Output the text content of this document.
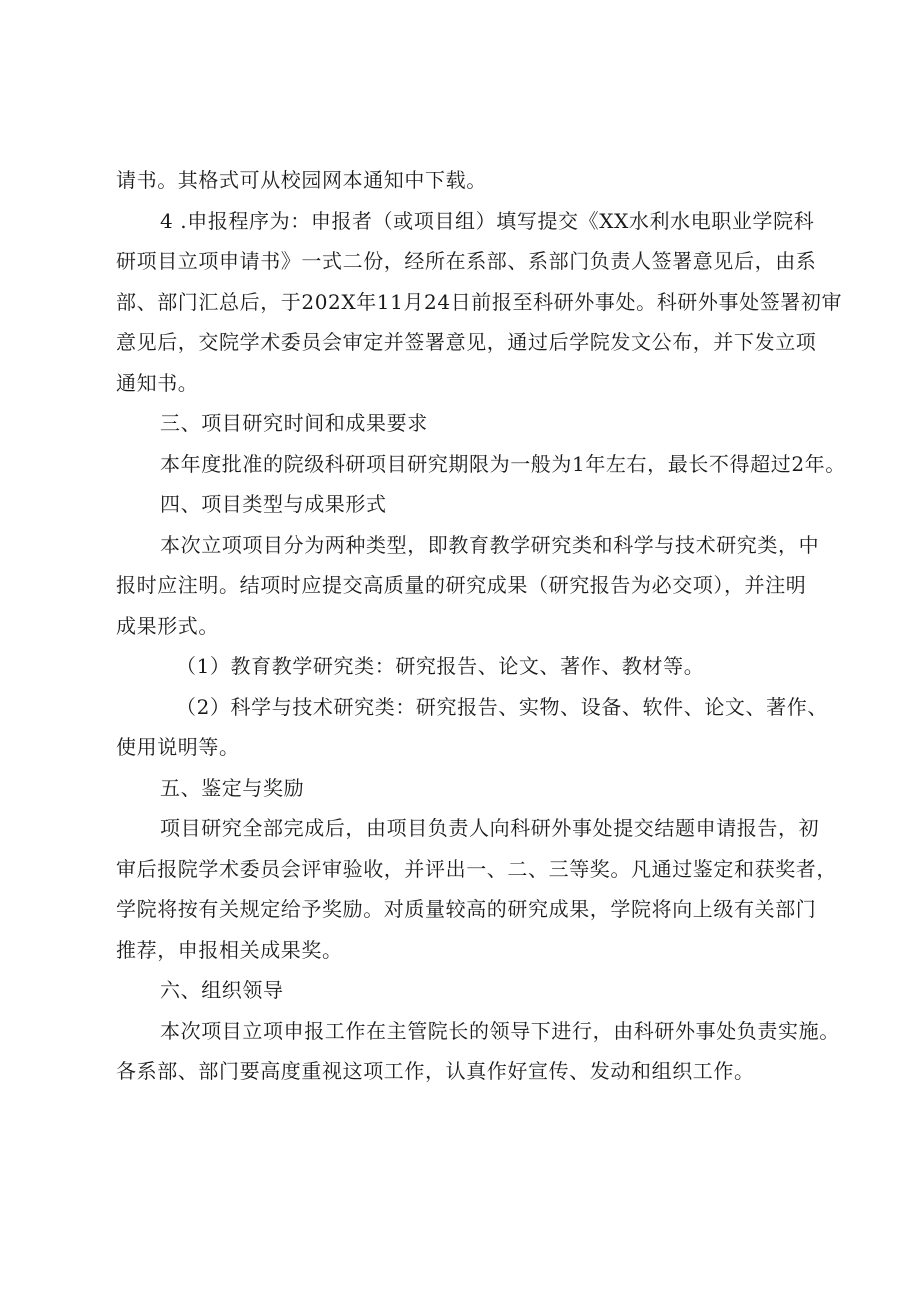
请书。其格式可从校园网本通知中下载。
4 .申报程序为：申报者（或项目组）填写提交《XX水利水电职业学院科
研项目立项申请书》一式二份，经所在系部、系部门负责人签署意见后，由系
部、部门汇总后，于202X年11月24日前报至科研外事处。科研外事处签署初审
意见后，交院学术委员会审定并签署意见，通过后学院发文公布，并下发立项
通知书。
三、项目研究时间和成果要求
本年度批准的院级科研项目研究期限为一般为1年左右，最长不得超过2年。
四、项目类型与成果形式
本次立项项目分为两种类型，即教育教学研究类和科学与技术研究类，中
报时应注明。结项时应提交高质量的研究成果（研究报告为必交项），并注明
成果形式。
（1）教育教学研究类：研究报告、论文、著作、教材等。
（2）科学与技术研究类：研究报告、实物、设备、软件、论文、著作、
使用说明等。
五、鉴定与奖励
项目研究全部完成后，由项目负责人向科研外事处提交结题申请报告，初
审后报院学术委员会评审验收，并评出一、二、三等奖。凡通过鉴定和获奖者，
学院将按有关规定给予奖励。对质量较高的研究成果，学院将向上级有关部门
推荐，申报相关成果奖。
六、组织领导
本次项目立项申报工作在主管院长的领导下进行，由科研外事处负责实施。
各系部、部门要高度重视这项工作，认真作好宣传、发动和组织工作。
